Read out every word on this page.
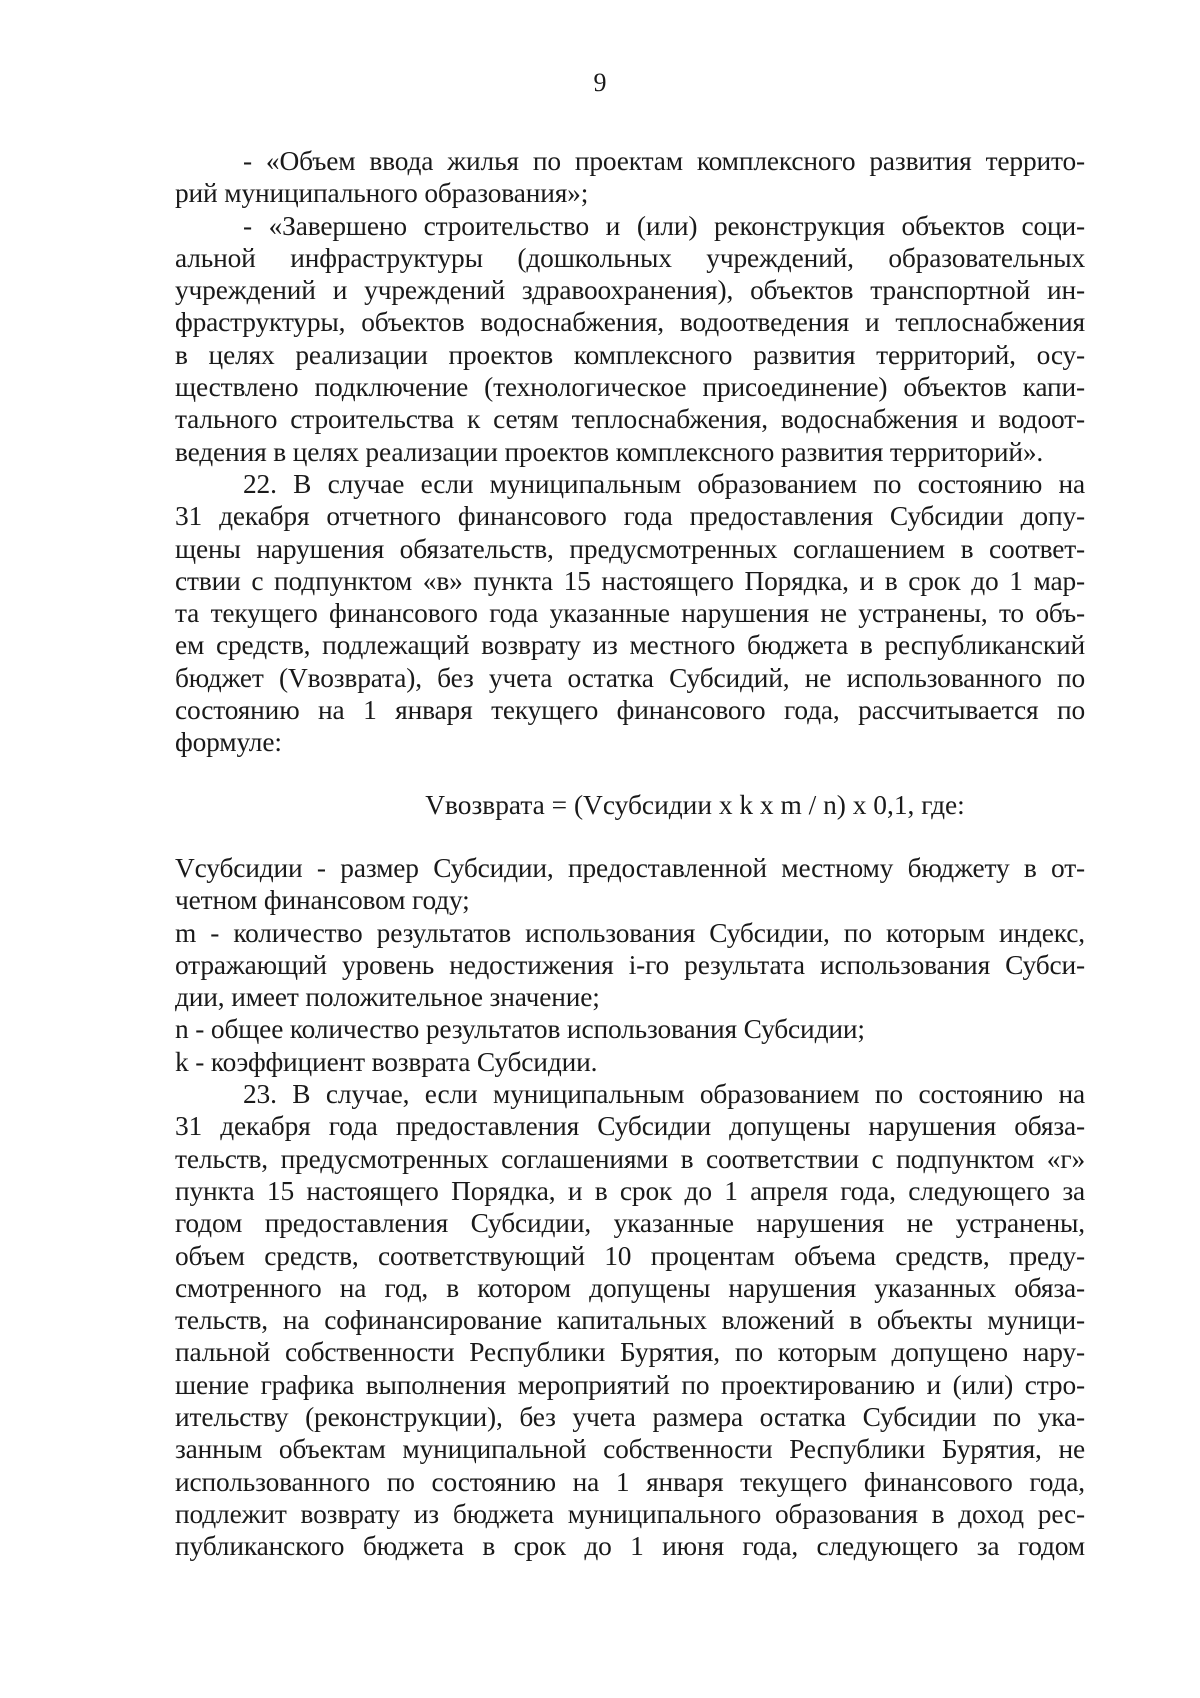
9

- «Объем ввода жилья по проектам комплексного развития террито-

рий муниципального образования»;

- «Завершено строительство и (или) реконструкция объектов соци-

альной инфраструктуры (дошкольных учреждений, образовательных

учреждений и учреждений здравоохранения), объектов транспортной ин-

фраструктуры, объектов водоснабжения, водоотведения и теплоснабжения

в целях реализации проектов комплексного развития территорий, осу-

ществлено подключение (технологическое присоединение) объектов капи-

тального строительства к сетям теплоснабжения, водоснабжения и водоот-

ведения в целях реализации проектов комплексного развития территорий».

22. В случае если муниципальным образованием по состоянию на

31 декабря отчетного финансового года предоставления Субсидии допу-

щены нарушения обязательств, предусмотренных соглашением в соответ-

ствии с подпунктом «в» пункта 15 настоящего Порядка, и в срок до 1 мар-

та текущего финансового года указанные нарушения не устранены, то объ-

ем средств, подлежащий возврату из местного бюджета в республиканский

бюджет (Vвозврата), без учета остатка Субсидий, не использованного по

состоянию на 1 января текущего финансового года, рассчитывается по

формуле:

Vвозврата = (Vсубсидии x k x m / n) x 0,1, где:

Vсубсидии - размер Субсидии, предоставленной местному бюджету в от-

четном финансовом году;

m - количество результатов использования Субсидии, по которым индекс,

отражающий уровень недостижения i-го результата использования Субси-

дии, имеет положительное значение;

n - общее количество результатов использования Субсидии;

k - коэффициент возврата Субсидии.

23. В случае, если муниципальным образованием по состоянию на

31 декабря года предоставления Субсидии допущены нарушения обяза-

тельств, предусмотренных соглашениями в соответствии с подпунктом «г»

пункта 15 настоящего Порядка, и в срок до 1 апреля года, следующего за

годом предоставления Субсидии, указанные нарушения не устранены,

объем средств, соответствующий 10 процентам объема средств, преду-

смотренного на год, в котором допущены нарушения указанных обяза-

тельств, на софинансирование капитальных вложений в объекты муници-

пальной собственности Республики Бурятия, по которым допущено нару-

шение графика выполнения мероприятий по проектированию и (или) стро-

ительству (реконструкции), без учета размера остатка Субсидии по ука-

занным объектам муниципальной собственности Республики Бурятия, не

использованного по состоянию на 1 января текущего финансового года,

подлежит возврату из бюджета муниципального образования в доход рес-

публиканского бюджета в срок до 1 июня года, следующего за годом
